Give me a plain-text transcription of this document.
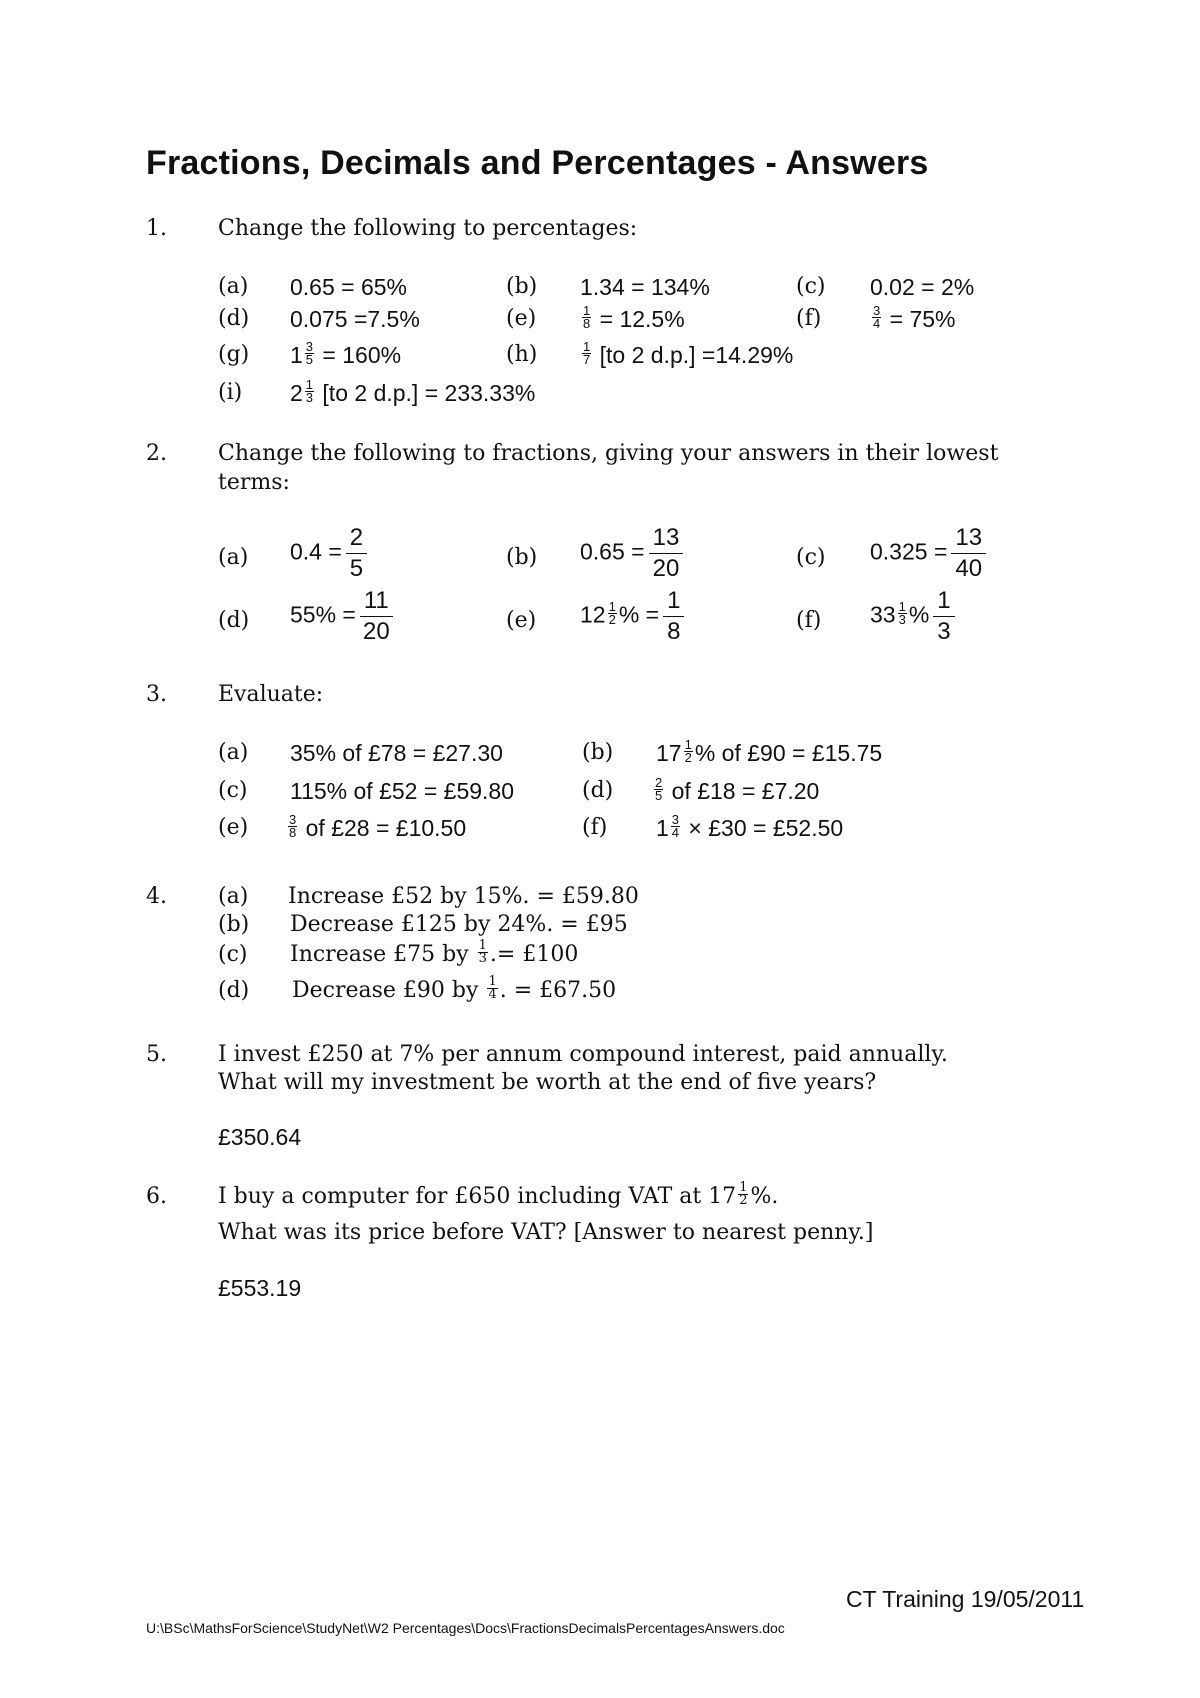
Fractions, Decimals and Percentages - Answers
1. Change the following to percentages:
(a) 0.65 = 65%	(b) 1.34 = 134%	(c) 0.02 = 2%
(d) 0.075 =7.5%	(e)	$\frac{1}{8} = 12.5\%$	(f)	$\frac{3}{4} = 75\%$
(g) $1 \frac{3}{5} = 160\%$	(h)	$\frac{1}{7} [to$ 2 d.p.] =14.29%
(i) $2 \frac{1}{3} [to$ 2 d.p.] = 233.33%
2. Change the following to fractions, giving your answers in their lowest
terms:
(a) $0.4 = \frac{2}{5}$	(b) $0.65 = \frac{13}{20}$	(c) $0.325 = \frac{13}{40}$
(d) $55\% = \frac{11}{20}$	(e) $12 \frac{1}{2}$ % = $\frac{1}{8}$	(f) $33 \frac{1}{3}$ % $\frac{1}{3}$
3. Evaluate:
(a) 35% of £78 = £27.30	(b) $17 \frac{1}{2}$ % of £90 = £15.75
(c) 115% of £52 = £59.80	(d)	$\frac{2}{5}$ of £18 = £7.20
(e)	$\frac{3}{8}$ of £28 = £10.50	(f) $1 \frac{3}{4}$ × £30 = £52.50
4. (a) Increase £52 by 15%. = £59.80
(b) Decrease £125 by 24%. = £95
(c) Increase £75 by $\frac{1}{3}$ .= £100
(d) Decrease £90 by $\frac{1}{4}$ . = £67.50
5. I invest £250 at 7% per annum compound interest, paid annually.
What will my investment be worth at the end of five years?
£350.64
6. I buy a computer for £650 including VAT at $17 \frac{1}{2}$ %.
What was its price before VAT? [Answer to nearest penny.]
£553.19
CT Training 19/05/2011
U:\BSc\MathsForScience\StudyNet\W2 Percentages\Docs\FractionsDecimalsPercentagesAnswers.doc
